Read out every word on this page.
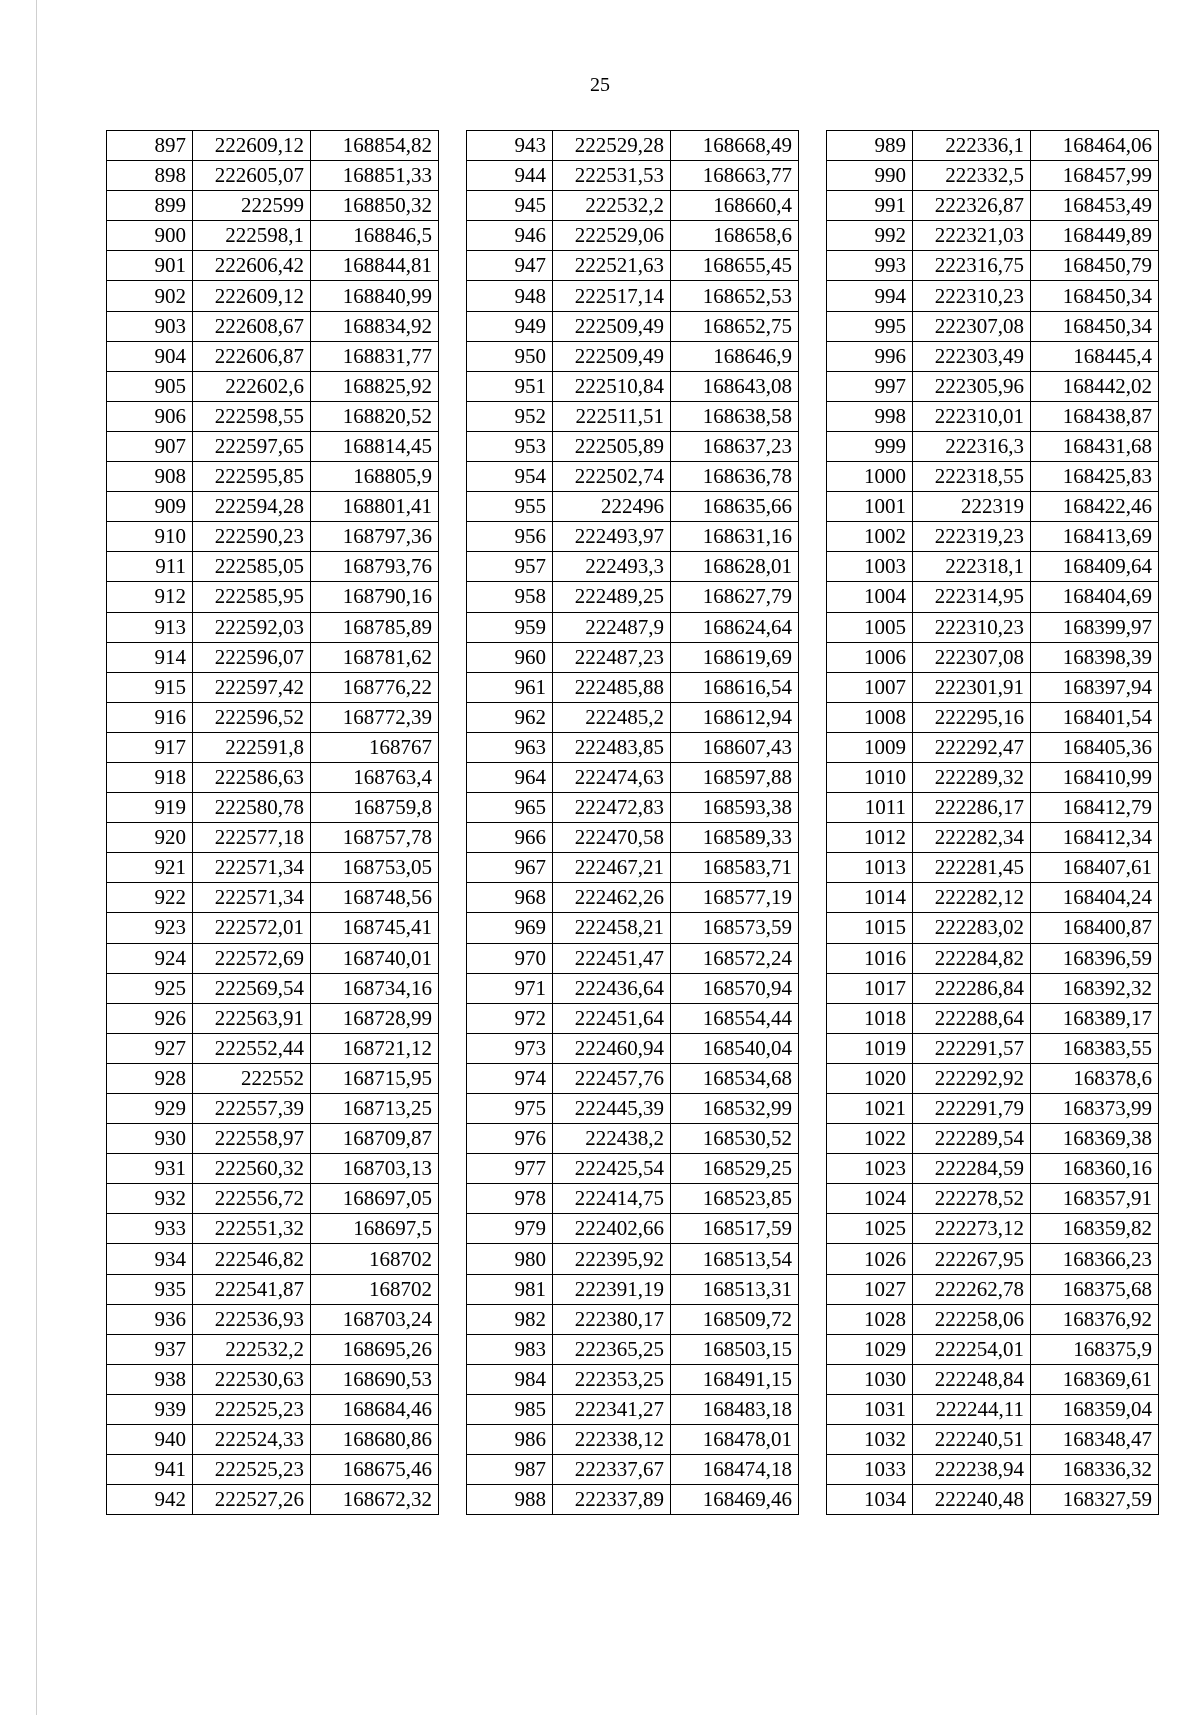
25
897	222609,12	168854,82
898	222605,07	168851,33
899	222599	168850,32
900	222598,1	168846,5
901	222606,42	168844,81
902	222609,12	168840,99
903	222608,67	168834,92
904	222606,87	168831,77
905	222602,6	168825,92
906	222598,55	168820,52
907	222597,65	168814,45
908	222595,85	168805,9
909	222594,28	168801,41
910	222590,23	168797,36
911	222585,05	168793,76
912	222585,95	168790,16
913	222592,03	168785,89
914	222596,07	168781,62
915	222597,42	168776,22
916	222596,52	168772,39
917	222591,8	168767
918	222586,63	168763,4
919	222580,78	168759,8
920	222577,18	168757,78
921	222571,34	168753,05
922	222571,34	168748,56
923	222572,01	168745,41
924	222572,69	168740,01
925	222569,54	168734,16
926	222563,91	168728,99
927	222552,44	168721,12
928	222552	168715,95
929	222557,39	168713,25
930	222558,97	168709,87
931	222560,32	168703,13
932	222556,72	168697,05
933	222551,32	168697,5
934	222546,82	168702
935	222541,87	168702
936	222536,93	168703,24
937	222532,2	168695,26
938	222530,63	168690,53
939	222525,23	168684,46
940	222524,33	168680,86
941	222525,23	168675,46
942	222527,26	168672,32
943	222529,28	168668,49
944	222531,53	168663,77
945	222532,2	168660,4
946	222529,06	168658,6
947	222521,63	168655,45
948	222517,14	168652,53
949	222509,49	168652,75
950	222509,49	168646,9
951	222510,84	168643,08
952	222511,51	168638,58
953	222505,89	168637,23
954	222502,74	168636,78
955	222496	168635,66
956	222493,97	168631,16
957	222493,3	168628,01
958	222489,25	168627,79
959	222487,9	168624,64
960	222487,23	168619,69
961	222485,88	168616,54
962	222485,2	168612,94
963	222483,85	168607,43
964	222474,63	168597,88
965	222472,83	168593,38
966	222470,58	168589,33
967	222467,21	168583,71
968	222462,26	168577,19
969	222458,21	168573,59
970	222451,47	168572,24
971	222436,64	168570,94
972	222451,64	168554,44
973	222460,94	168540,04
974	222457,76	168534,68
975	222445,39	168532,99
976	222438,2	168530,52
977	222425,54	168529,25
978	222414,75	168523,85
979	222402,66	168517,59
980	222395,92	168513,54
981	222391,19	168513,31
982	222380,17	168509,72
983	222365,25	168503,15
984	222353,25	168491,15
985	222341,27	168483,18
986	222338,12	168478,01
987	222337,67	168474,18
988	222337,89	168469,46
989	222336,1	168464,06
990	222332,5	168457,99
991	222326,87	168453,49
992	222321,03	168449,89
993	222316,75	168450,79
994	222310,23	168450,34
995	222307,08	168450,34
996	222303,49	168445,4
997	222305,96	168442,02
998	222310,01	168438,87
999	222316,3	168431,68
1000	222318,55	168425,83
1001	222319	168422,46
1002	222319,23	168413,69
1003	222318,1	168409,64
1004	222314,95	168404,69
1005	222310,23	168399,97
1006	222307,08	168398,39
1007	222301,91	168397,94
1008	222295,16	168401,54
1009	222292,47	168405,36
1010	222289,32	168410,99
1011	222286,17	168412,79
1012	222282,34	168412,34
1013	222281,45	168407,61
1014	222282,12	168404,24
1015	222283,02	168400,87
1016	222284,82	168396,59
1017	222286,84	168392,32
1018	222288,64	168389,17
1019	222291,57	168383,55
1020	222292,92	168378,6
1021	222291,79	168373,99
1022	222289,54	168369,38
1023	222284,59	168360,16
1024	222278,52	168357,91
1025	222273,12	168359,82
1026	222267,95	168366,23
1027	222262,78	168375,68
1028	222258,06	168376,92
1029	222254,01	168375,9
1030	222248,84	168369,61
1031	222244,11	168359,04
1032	222240,51	168348,47
1033	222238,94	168336,32
1034	222240,48	168327,59
